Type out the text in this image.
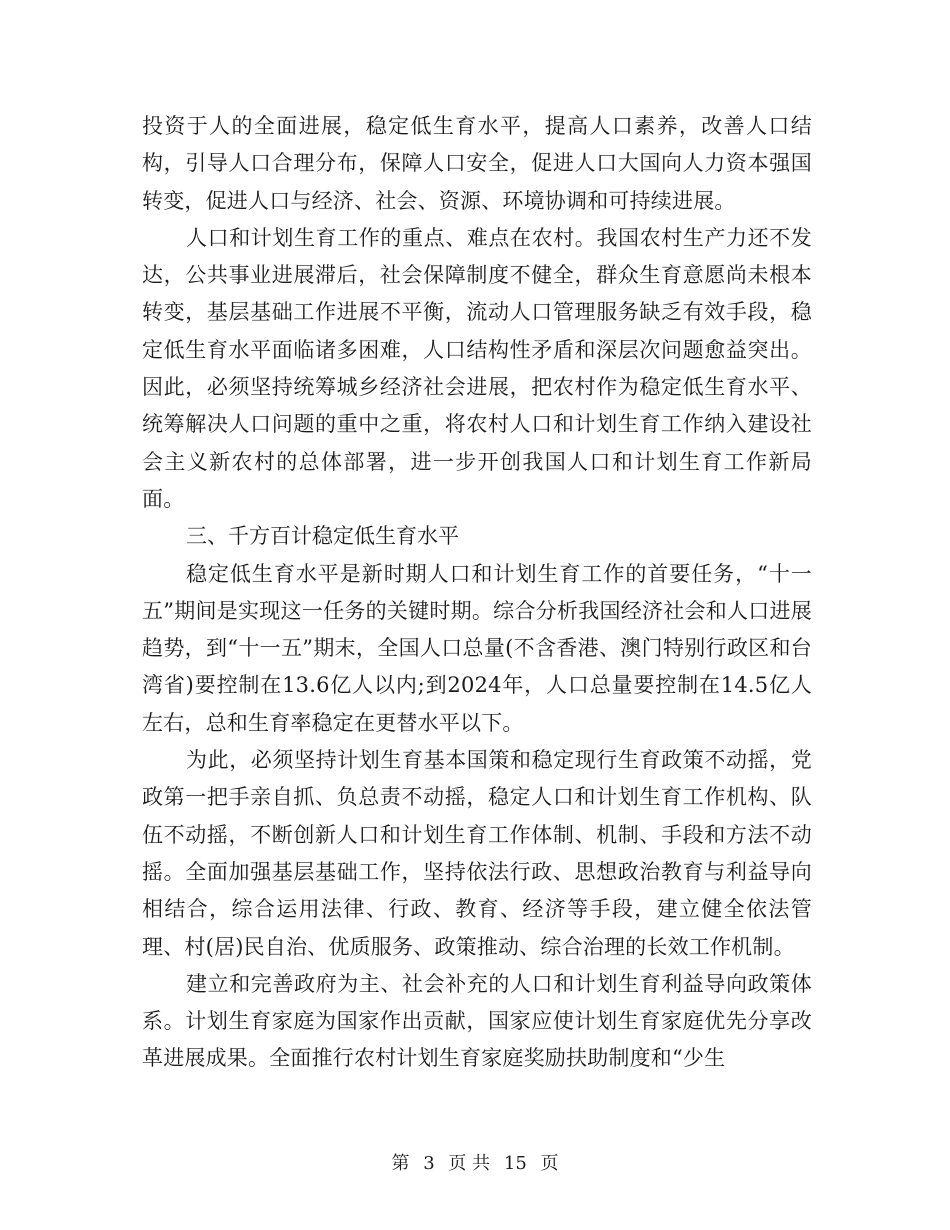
投资于人的全面进展，稳定低生育水平，提高人口素养，改善人口结构，引导人口合理分布，保障人口安全，促进人口大国向人力资本强国转变，促进人口与经济、社会、资源、环境协调和可持续进展。

人口和计划生育工作的重点、难点在农村。我国农村生产力还不发达，公共事业进展滞后，社会保障制度不健全，群众生育意愿尚未根本转变，基层基础工作进展不平衡，流动人口管理服务缺乏有效手段，稳定低生育水平面临诸多困难，人口结构性矛盾和深层次问题愈益突出。因此，必须坚持统筹城乡经济社会进展，把农村作为稳定低生育水平、统筹解决人口问题的重中之重，将农村人口和计划生育工作纳入建设社会主义新农村的总体部署，进一步开创我国人口和计划生育工作新局面。

三、千方百计稳定低生育水平

稳定低生育水平是新时期人口和计划生育工作的首要任务，“十一五”期间是实现这一任务的关键时期。综合分析我国经济社会和人口进展趋势，到“十一五”期末，全国人口总量(不含香港、澳门特别行政区和台湾省)要控制在13.6亿人以内;到2024年，人口总量要控制在14.5亿人左右，总和生育率稳定在更替水平以下。

为此，必须坚持计划生育基本国策和稳定现行生育政策不动摇，党政第一把手亲自抓、负总责不动摇，稳定人口和计划生育工作机构、队伍不动摇，不断创新人口和计划生育工作体制、机制、手段和方法不动摇。全面加强基层基础工作，坚持依法行政、思想政治教育与利益导向相结合，综合运用法律、行政、教育、经济等手段，建立健全依法管理、村(居)民自治、优质服务、政策推动、综合治理的长效工作机制。

建立和完善政府为主、社会补充的人口和计划生育利益导向政策体系。计划生育家庭为国家作出贡献，国家应使计划生育家庭优先分享改革进展成果。全面推行农村计划生育家庭奖励扶助制度和“少生

第 3 页 共 15 页
